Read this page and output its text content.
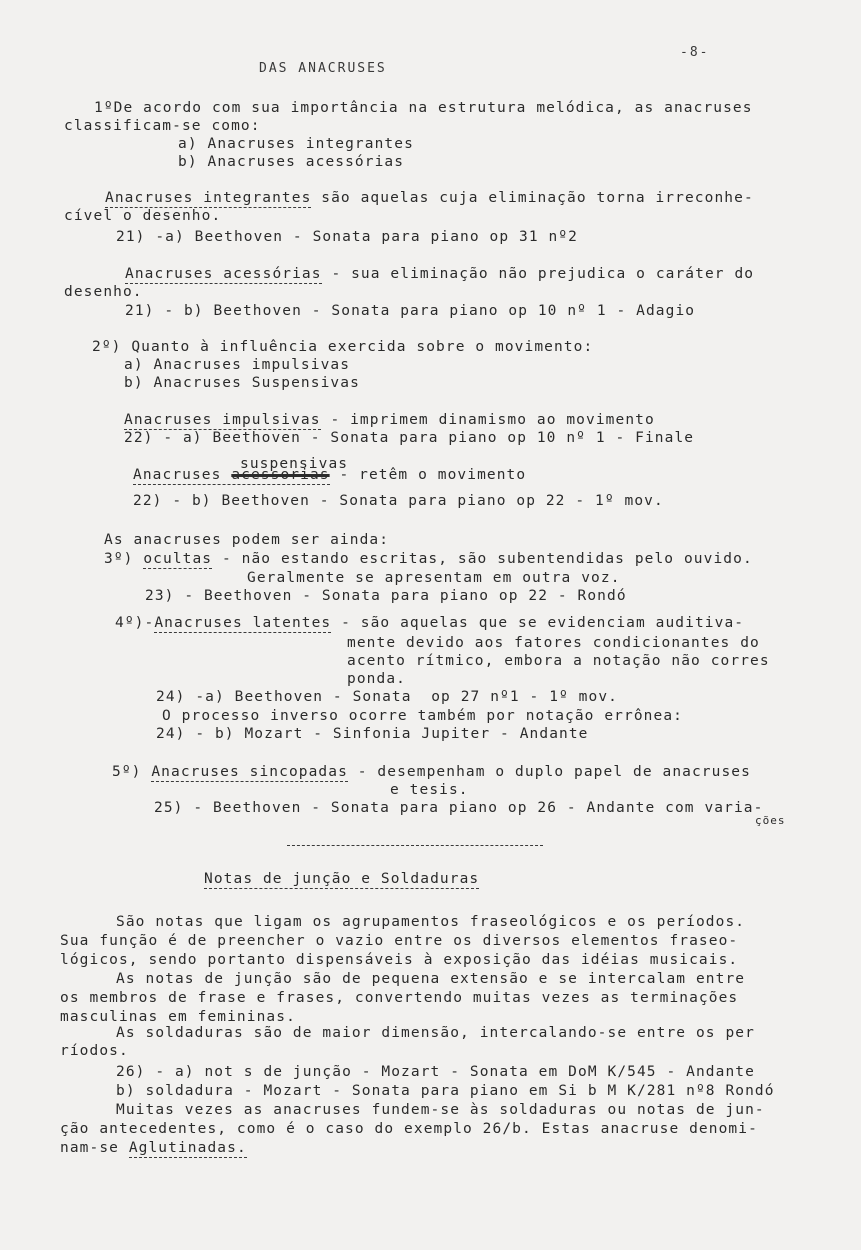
DAS ANACRUSES
-8-
1ºDe acordo com sua importância na estrutura melódica, as anacruses
classificam-se como:
a) Anacruses integrantes
b) Anacruses acessórias
Anacruses integrantes são aquelas cuja eliminação torna irreconhe-
cível o desenho.
21) -a) Beethoven - Sonata para piano op 31 nº2
Anacruses acessórias - sua eliminação não prejudica o caráter do
desenho.
21) - b) Beethoven - Sonata para piano op 10 nº 1 - Adagio
2º) Quanto à influência exercida sobre o movimento:
a) Anacruses impulsivas
b) Anacruses Suspensivas
Anacruses impulsivas - imprimem dinamismo ao movimento
22) - a) Beethoven - Sonata para piano op 10 nº 1 - Finale
suspensivas
Anacruses acessorias - retêm o movimento
22) - b) Beethoven - Sonata para piano op 22 - 1º mov.
As anacruses podem ser ainda:
3º) ocultas - não estando escritas, são subentendidas pelo ouvido.
Geralmente se apresentam em outra voz.
23) - Beethoven - Sonata para piano op 22 - Rondó
4º)-Anacruses latentes - são aquelas que se evidenciam auditiva-
mente devido aos fatores condicionantes do
acento rítmico, embora a notação não corres
ponda.
24) -a) Beethoven - Sonata  op 27 nº1 - 1º mov.
O processo inverso ocorre também por notação errônea:
24) - b) Mozart - Sinfonia Jupiter - Andante
5º) Anacruses sincopadas - desempenham o duplo papel de anacruses
e tesis.
25) - Beethoven - Sonata para piano op 26 - Andante com varia-
ções
Notas de junção e Soldaduras
São notas que ligam os agrupamentos fraseológicos e os períodos.
Sua função é de preencher o vazio entre os diversos elementos fraseo-
lógicos, sendo portanto dispensáveis à exposição das idéias musicais.
As notas de junção são de pequena extensão e se intercalam entre
os membros de frase e frases, convertendo muitas vezes as terminações
masculinas em femininas.
As soldaduras são de maior dimensão, intercalando-se entre os per
ríodos.
26) - a) not s de junção - Mozart - Sonata em DoM K/545 - Andante
b) soldadura - Mozart - Sonata para piano em Si b M K/281 nº8 Rondó
Muitas vezes as anacruses fundem-se às soldaduras ou notas de jun-
ção antecedentes, como é o caso do exemplo 26/b. Estas anacruse denomi-
nam-se Aglutinadas.
